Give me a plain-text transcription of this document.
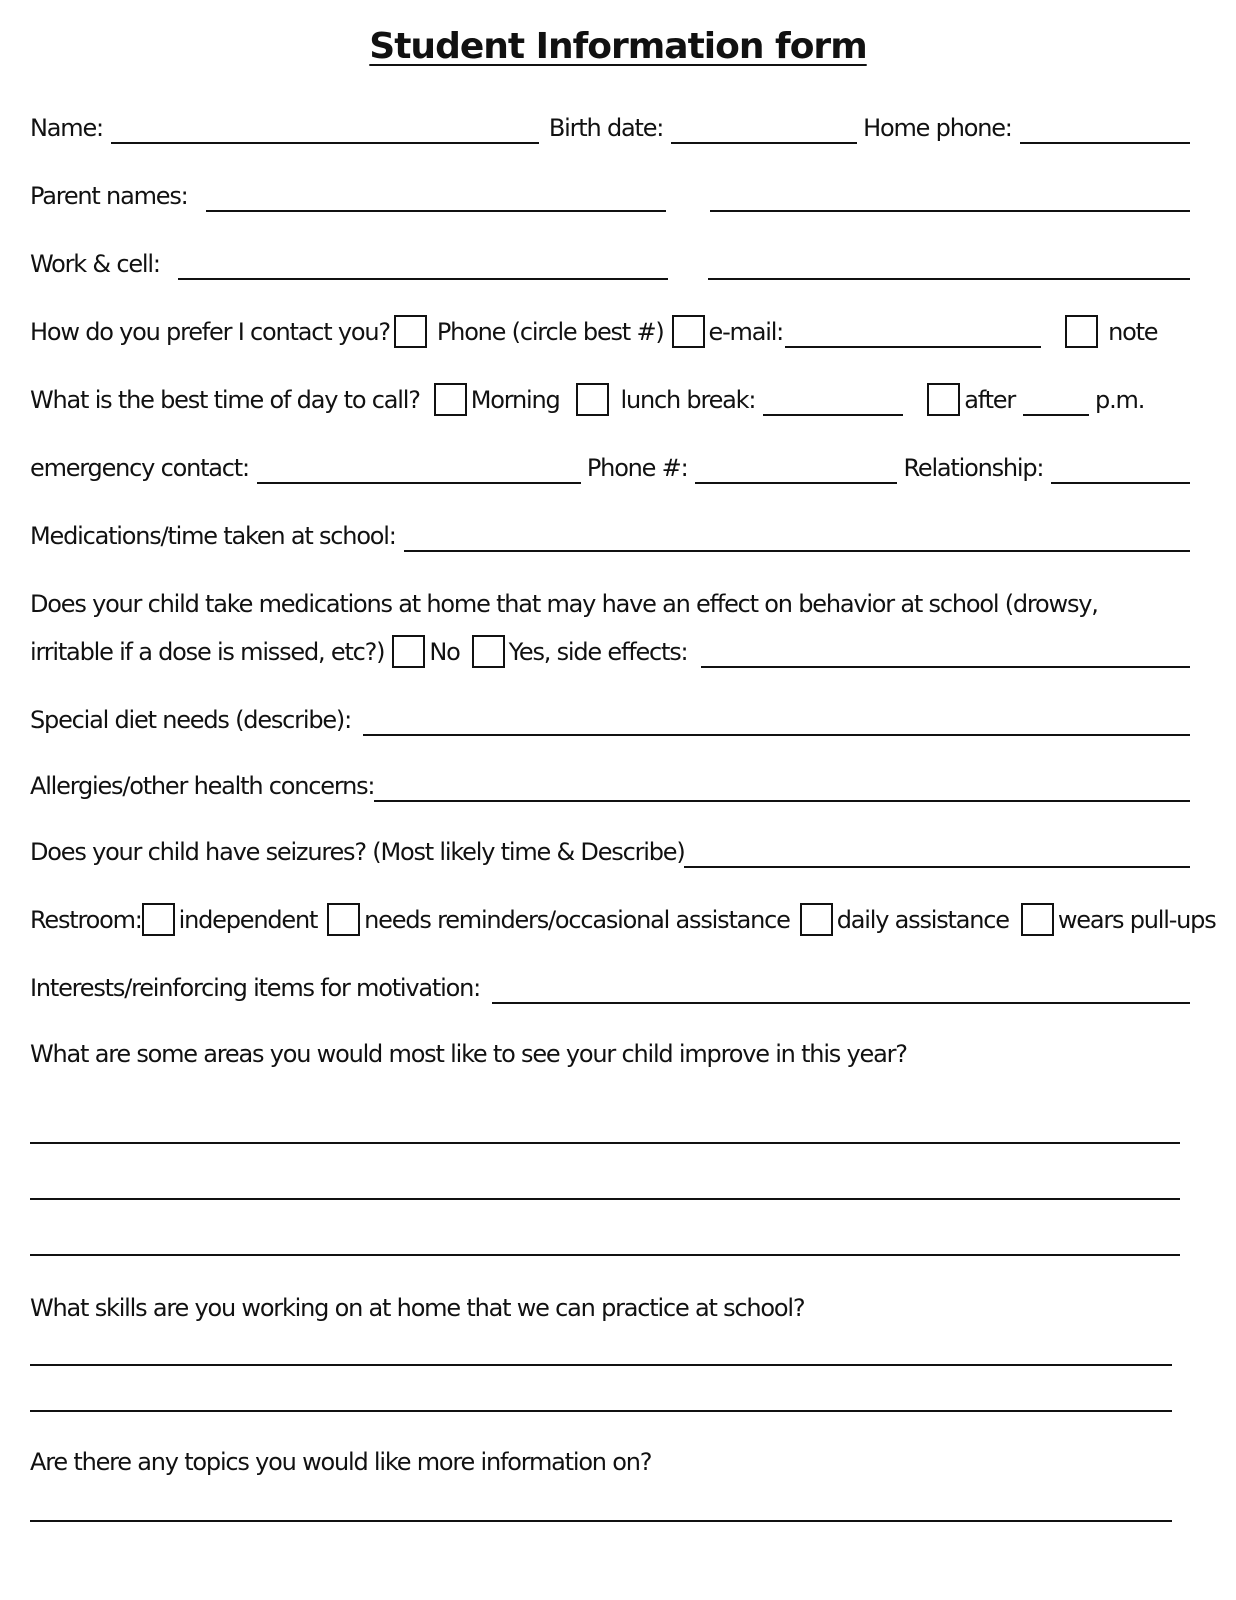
Student Information form
Name:	Birth date:	Home phone:
Parent names:
Work & cell:
How do you prefer I contact you? Phone (circle best #) e-mail:	note
What is the best time of day to call? Morning	lunch break:	after	p.m.
emergency contact:	Phone #:	Relationship:
Medications/time taken at school:
Does your child take medications at home that may have an effect on behavior at school (drowsy,
irritable if a dose is missed, etc?) No Yes, side effects:
Special diet needs (describe):
Allergies/other health concerns:
Does your child have seizures? (Most likely time & Describe)
Restroom: independent needs reminders/occasional assistance daily assistance wears pull-ups
Interests/reinforcing items for motivation:
What are some areas you would most like to see your child improve in this year?
What skills are you working on at home that we can practice at school?
Are there any topics you would like more information on?
